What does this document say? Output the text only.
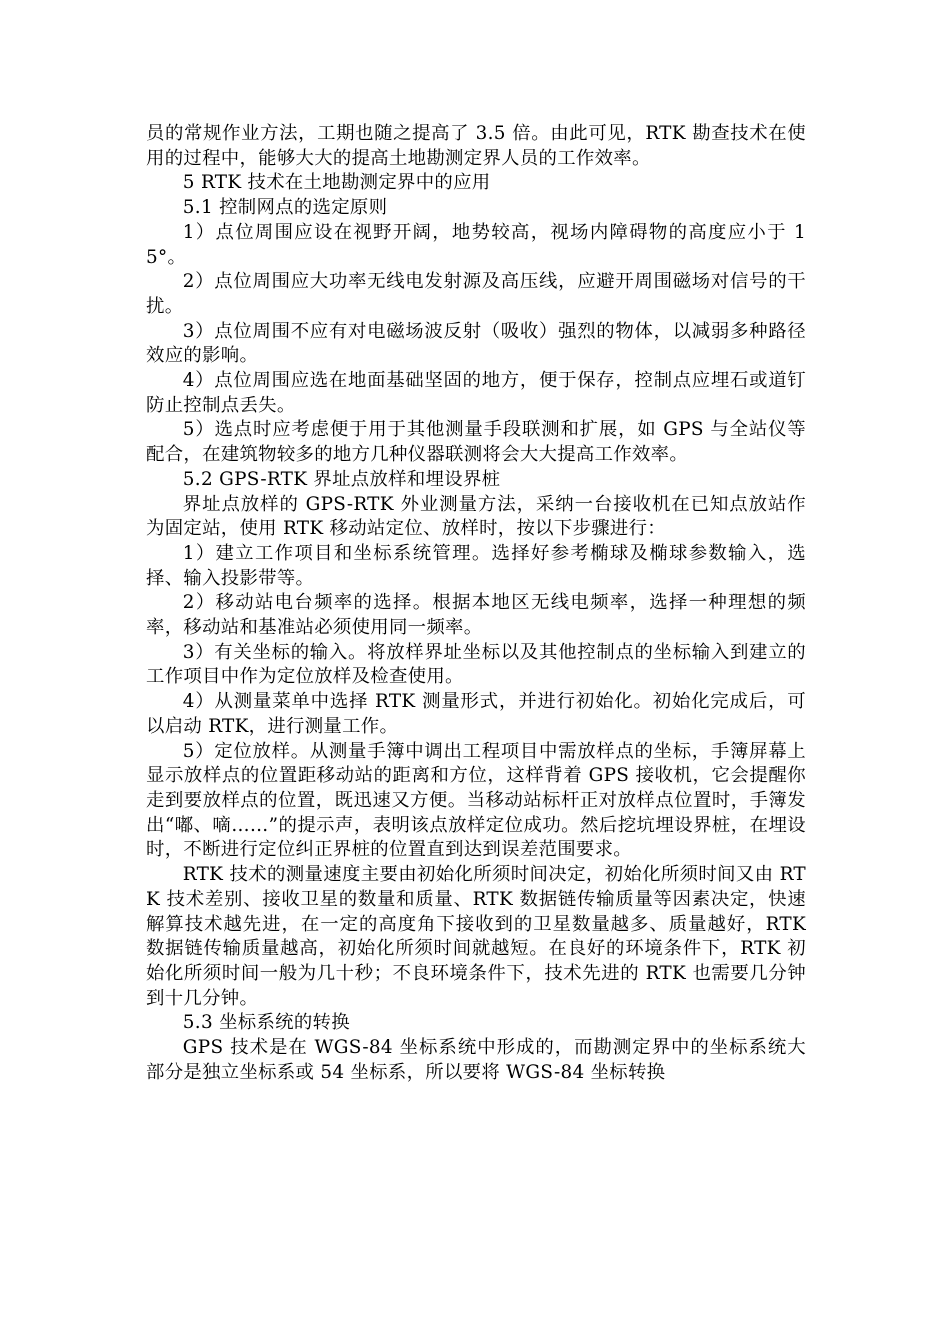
员的常规作业方法，工期也随之提高了 3.5 倍。由此可见，RTK 勘查技术在使用的过程中，能够大大的提高土地勘测定界人员的工作效率。

5 RTK 技术在土地勘测定界中的应用

5.1 控制网点的选定原则

1）点位周围应设在视野开阔，地势较高，视场内障碍物的高度应小于 15°。

2）点位周围应大功率无线电发射源及高压线，应避开周围磁场对信号的干扰。

3）点位周围不应有对电磁场波反射（吸收）强烈的物体，以减弱多种路径效应的影响。

4）点位周围应选在地面基础坚固的地方，便于保存，控制点应埋石或道钉防止控制点丢失。

5）选点时应考虑便于用于其他测量手段联测和扩展，如 GPS 与全站仪等配合，在建筑物较多的地方几种仪器联测将会大大提高工作效率。

5.2 GPS-RTK 界址点放样和埋设界桩

界址点放样的 GPS-RTK 外业测量方法，采纳一台接收机在已知点放站作为固定站，使用 RTK 移动站定位、放样时，按以下步骤进行：

1）建立工作项目和坐标系统管理。选择好参考椭球及椭球参数输入，选择、输入投影带等。

2）移动站电台频率的选择。根据本地区无线电频率，选择一种理想的频率，移动站和基准站必须使用同一频率。

3）有关坐标的输入。将放样界址坐标以及其他控制点的坐标输入到建立的工作项目中作为定位放样及检查使用。

4）从测量菜单中选择 RTK 测量形式，并进行初始化。初始化完成后，可以启动 RTK，进行测量工作。

5）定位放样。从测量手簿中调出工程项目中需放样点的坐标，手簿屏幕上显示放样点的位置距移动站的距离和方位，这样背着 GPS 接收机，它会提醒你走到要放样点的位置，既迅速又方便。当移动站标杆正对放样点位置时，手簿发出“嘟、嘀……”的提示声，表明该点放样定位成功。然后挖坑埋设界桩，在埋设时，不断进行定位纠正界桩的位置直到达到误差范围要求。

RTK 技术的测量速度主要由初始化所须时间决定，初始化所须时间又由 RTK 技术差别、接收卫星的数量和质量、RTK 数据链传输质量等因素决定，快速解算技术越先进，在一定的高度角下接收到的卫星数量越多、质量越好，RTK 数据链传输质量越高，初始化所须时间就越短。在良好的环境条件下，RTK 初始化所须时间一般为几十秒；不良环境条件下，技术先进的 RTK 也需要几分钟到十几分钟。

5.3 坐标系统的转换

GPS 技术是在 WGS-84 坐标系统中形成的，而勘测定界中的坐标系统大部分是独立坐标系或 54 坐标系，所以要将 WGS-84 坐标转换
